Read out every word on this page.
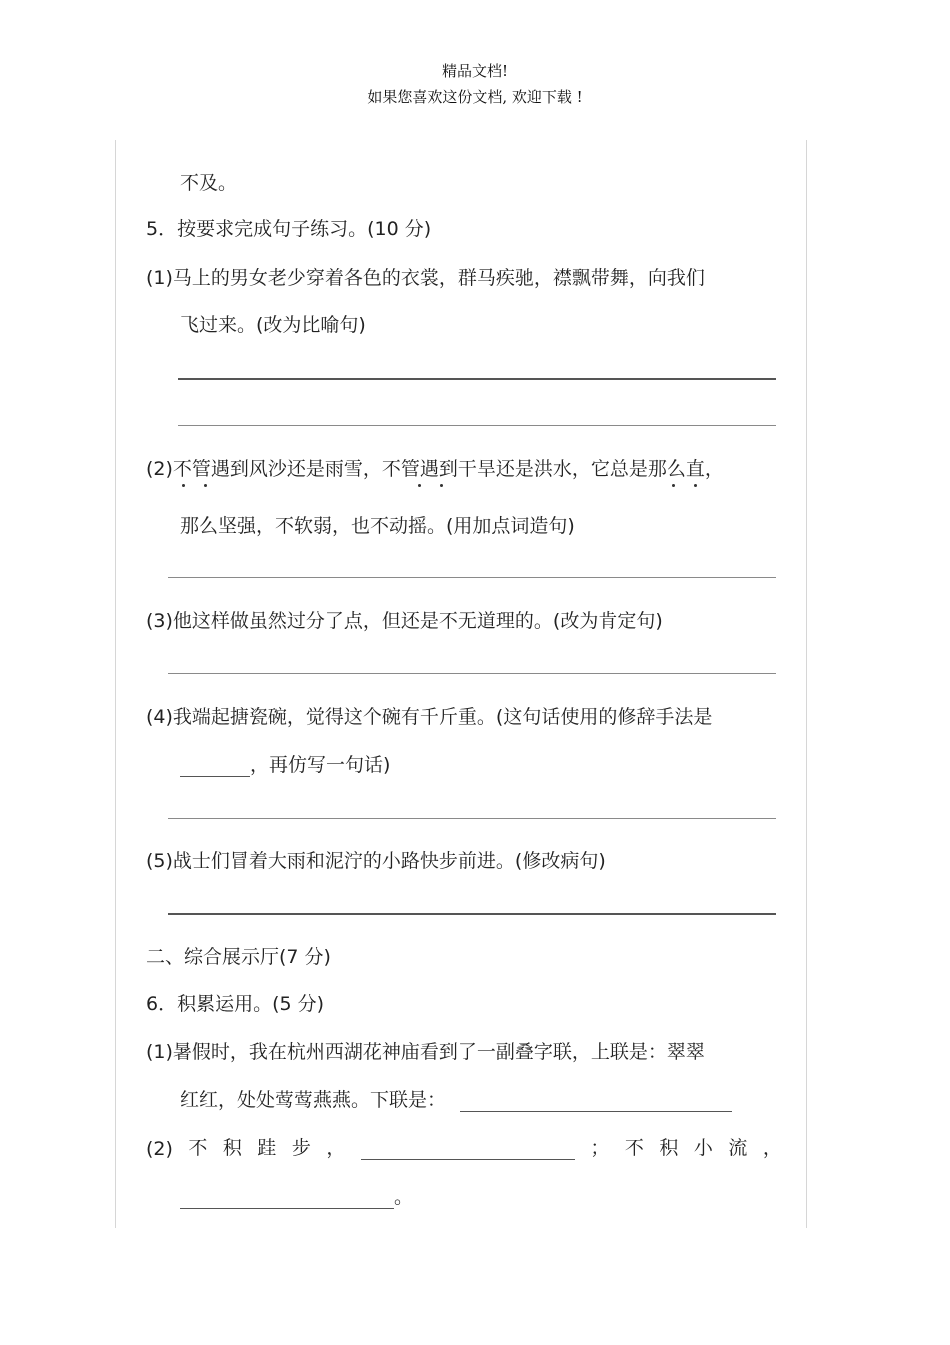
精品文档!
如果您喜欢这份文档, 欢迎下载 !
不及。
5．按要求完成句子练习。(10 分)
(1)马上的男女老少穿着各色的衣裳，群马疾驰，襟飘带舞，向我们
飞过来。(改为比喻句)
(2)不管遇到风沙还是雨雪，不管遇到干旱还是洪水，它总是那么直，
那么坚强，不软弱，也不动摇。(用加点词造句)
(3)他这样做虽然过分了点，但还是不无道理的。(改为肯定句)
(4)我端起搪瓷碗，觉得这个碗有千斤重。(这句话使用的修辞手法是
，再仿写一句话)
(5)战士们冒着大雨和泥泞的小路快步前进。(修改病句)
二、综合展示厅(7 分)
6．积累运用。(5 分)
(1)暑假时，我在杭州西湖花神庙看到了一副叠字联，上联是：翠翠
红红，处处莺莺燕燕。下联是：
(2) 不 积 跬 步 ，
	； 不 积 小 流 ，
。
